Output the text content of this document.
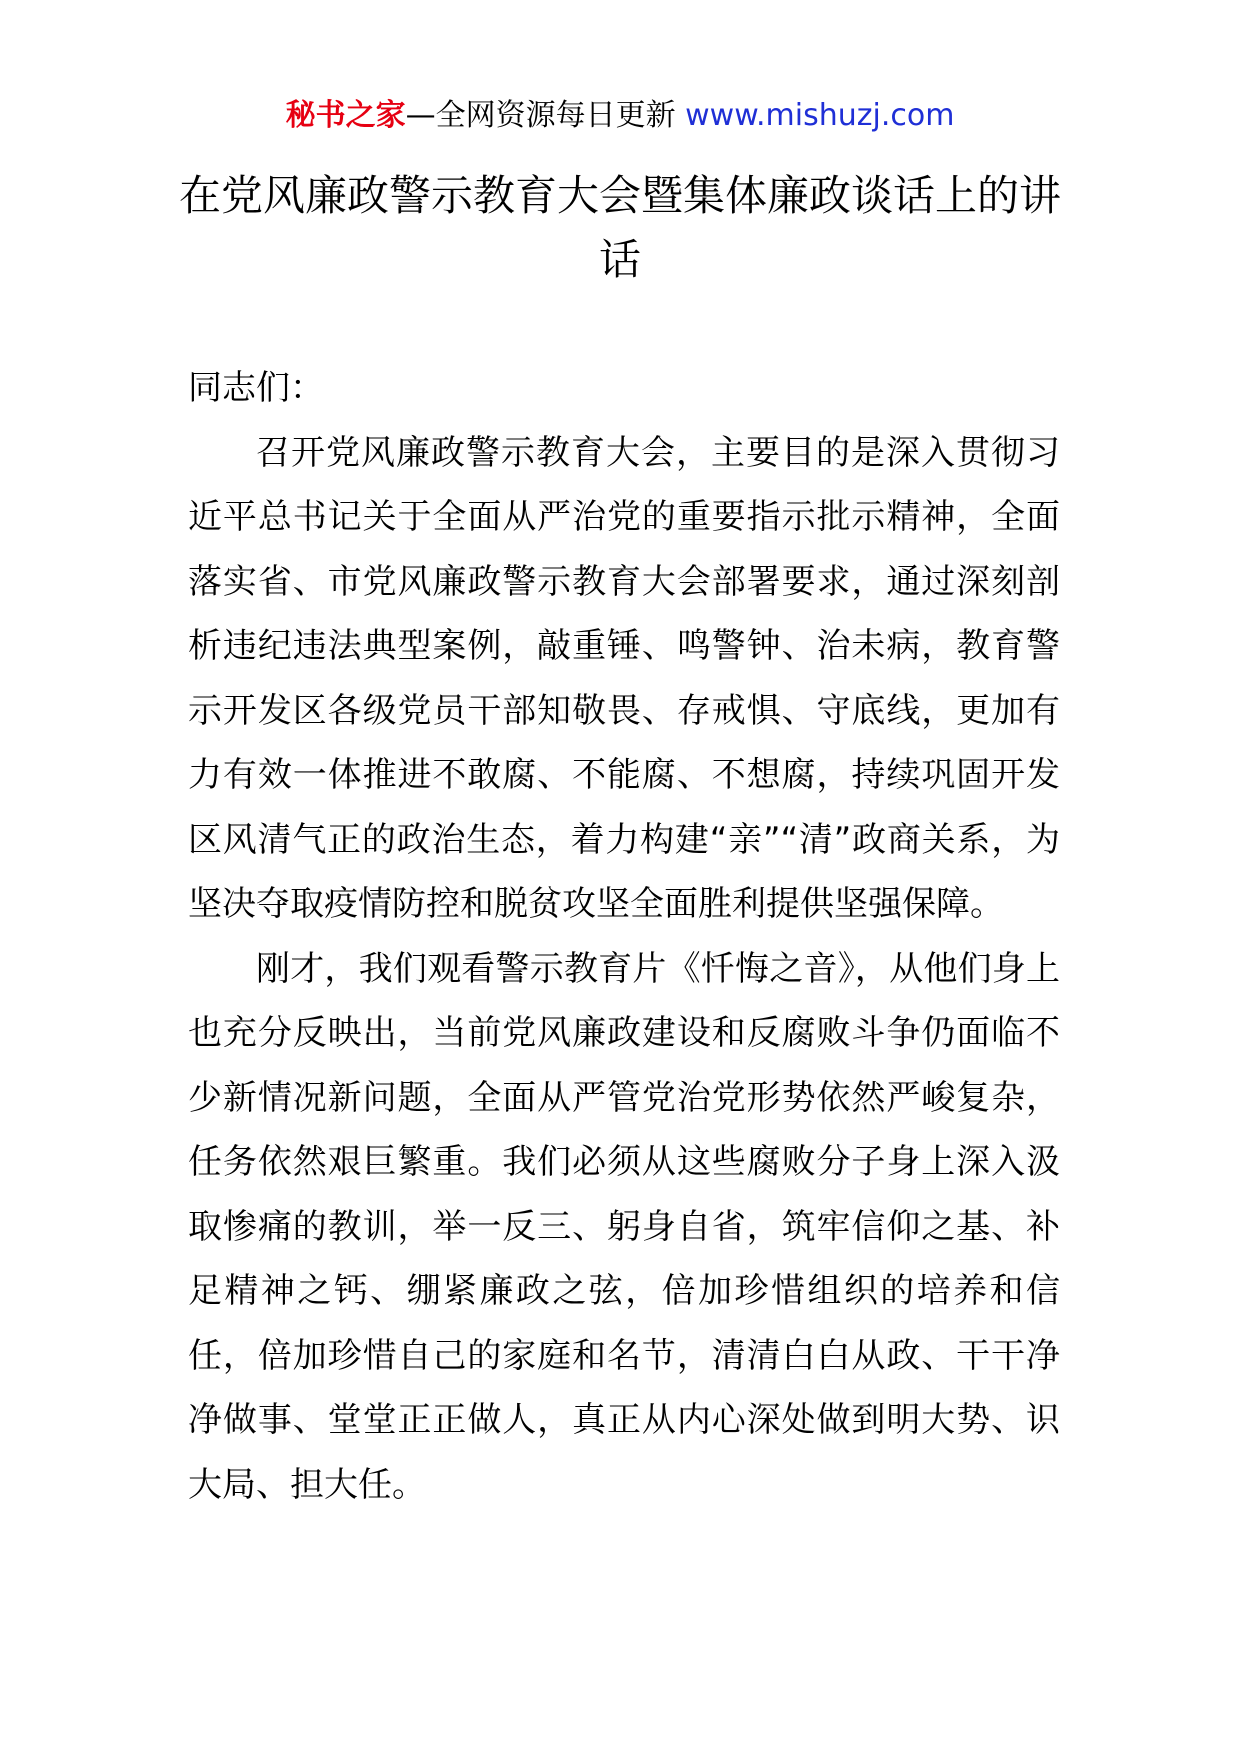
秘书之家—全网资源每日更新 www.mishuzj.com
在党风廉政警示教育大会暨集体廉政谈话上的讲话

同志们：

召开党风廉政警示教育大会，主要目的是深入贯彻习近平总书记关于全面从严治党的重要指示批示精神，全面落实省、市党风廉政警示教育大会部署要求，通过深刻剖析违纪违法典型案例，敲重锤、鸣警钟、治未病，教育警示开发区各级党员干部知敬畏、存戒惧、守底线，更加有力有效一体推进不敢腐、不能腐、不想腐，持续巩固开发区风清气正的政治生态，着力构建“亲”“清”政商关系，为坚决夺取疫情防控和脱贫攻坚全面胜利提供坚强保障。

刚才，我们观看警示教育片《忏悔之音》，从他们身上也充分反映出，当前党风廉政建设和反腐败斗争仍面临不少新情况新问题，全面从严管党治党形势依然严峻复杂，任务依然艰巨繁重。我们必须从这些腐败分子身上深入汲取惨痛的教训，举一反三、躬身自省，筑牢信仰之基、补足精神之钙、绷紧廉政之弦，倍加珍惜组织的培养和信任，倍加珍惜自己的家庭和名节，清清白白从政、干干净净做事、堂堂正正做人，真正从内心深处做到明大势、识大局、担大任。
